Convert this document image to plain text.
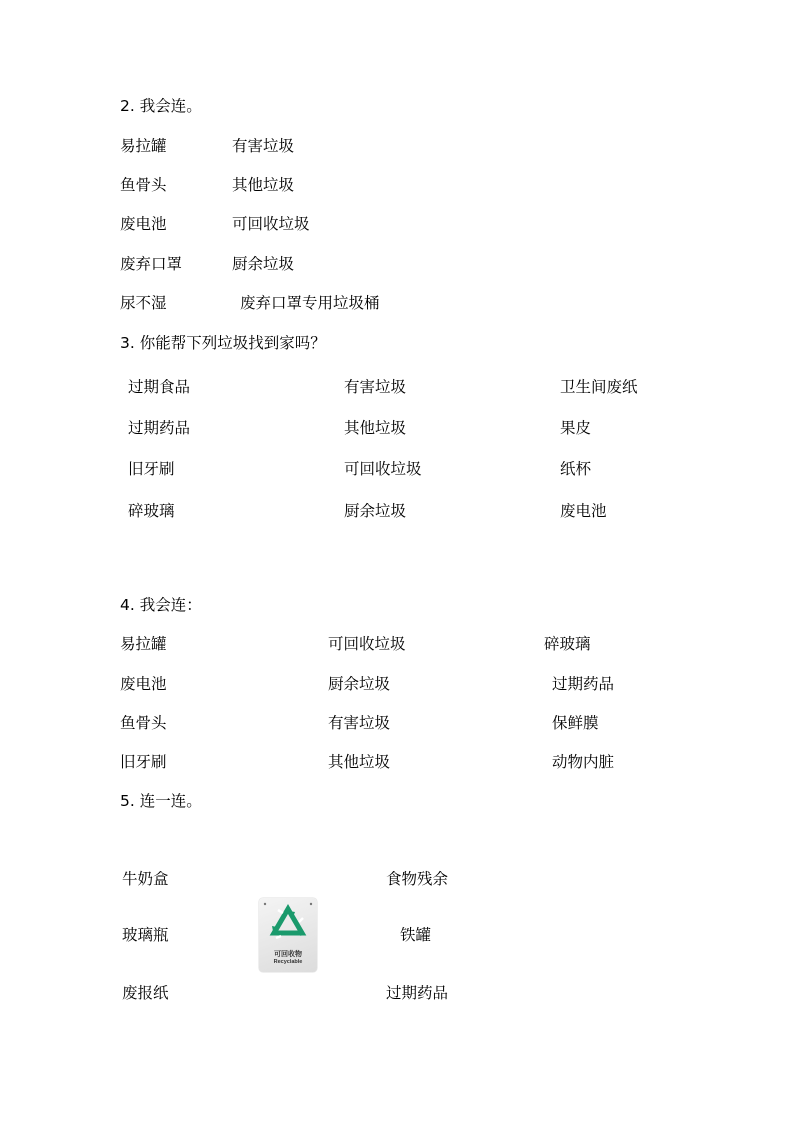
2. 我会连。
易拉罐
鱼骨头
废电池
废弃口罩
尿不湿
有害垃圾
其他垃圾
可回收垃圾
厨余垃圾
废弃口罩专用垃圾桶
3. 你能帮下列垃圾找到家吗？
过期食品
过期药品
旧牙刷
碎玻璃
有害垃圾
其他垃圾
可回收垃圾
厨余垃圾
卫生间废纸
果皮
纸杯
废电池
4. 我会连：
易拉罐
废电池
鱼骨头
旧牙刷
可回收垃圾
厨余垃圾
有害垃圾
其他垃圾
碎玻璃
过期药品
保鲜膜
动物内脏
5. 连一连。
牛奶盒
玻璃瓶
废报纸
食物残余
铁罐
过期药品
可回收物
Recyclable
